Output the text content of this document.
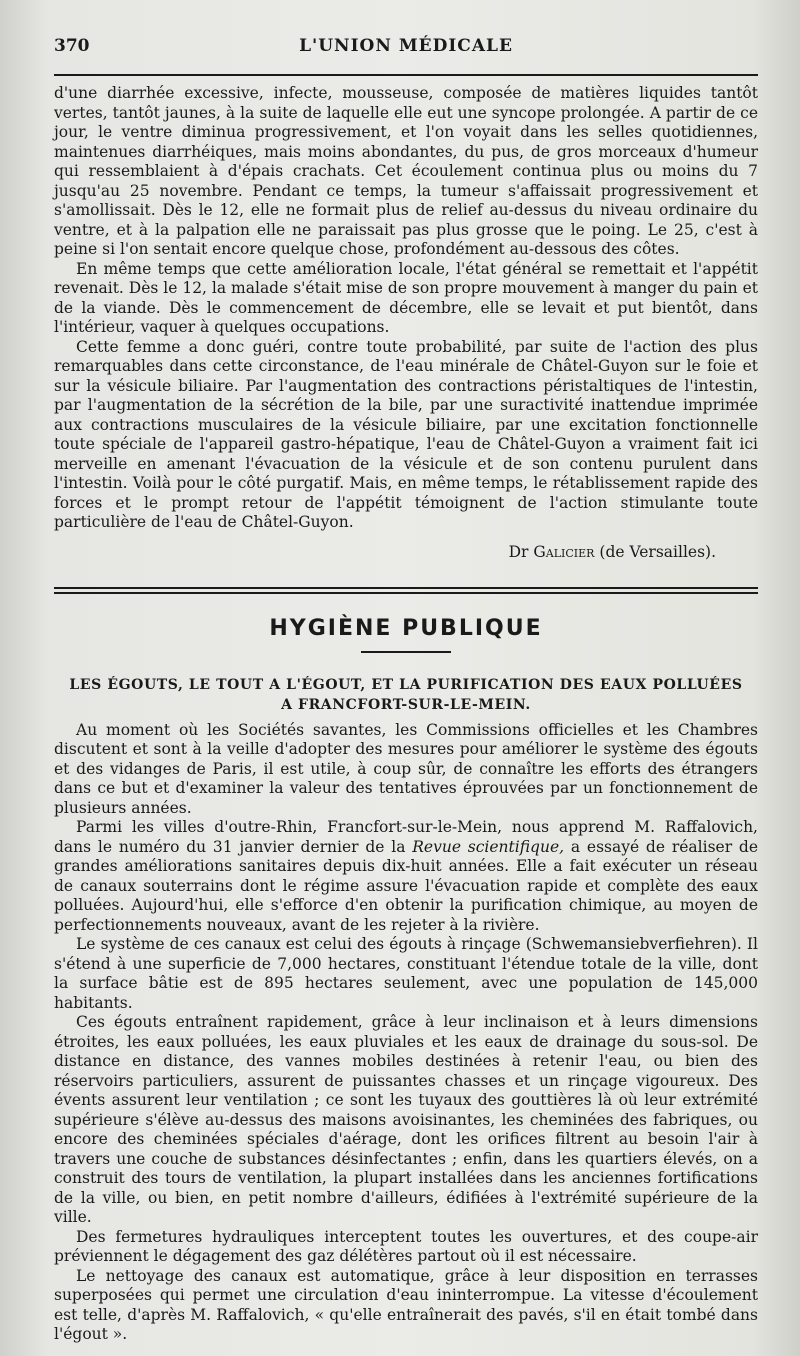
370	L'UNION MÉDICALE

d'une diarrhée excessive, infecte, mousseuse, composée de matières liquides tantôt vertes, tantôt jaunes, à la suite de laquelle elle eut une syncope prolongée. A partir de ce jour, le ventre diminua progressivement, et l'on voyait dans les selles quotidiennes, maintenues diarrhéiques, mais moins abondantes, du pus, de gros morceaux d'humeur qui ressemblaient à d'épais crachats. Cet écoulement continua plus ou moins du 7 jusqu'au 25 novembre. Pendant ce temps, la tumeur s'affaissait progressivement et s'amollissait. Dès le 12, elle ne formait plus de relief au-dessus du niveau ordinaire du ventre, et à la palpation elle ne paraissait pas plus grosse que le poing. Le 25, c'est à peine si l'on sentait encore quelque chose, profondément au-dessous des côtes.

En même temps que cette amélioration locale, l'état général se remettait et l'appétit revenait. Dès le 12, la malade s'était mise de son propre mouvement à manger du pain et de la viande. Dès le commencement de décembre, elle se levait et put bientôt, dans l'intérieur, vaquer à quelques occupations.

Cette femme a donc guéri, contre toute probabilité, par suite de l'action des plus remarquables dans cette circonstance, de l'eau minérale de Châtel-Guyon sur le foie et sur la vésicule biliaire. Par l'augmentation des contractions péristaltiques de l'intestin, par l'augmentation de la sécrétion de la bile, par une suractivité inattendue imprimée aux contractions musculaires de la vésicule biliaire, par une excitation fonctionnelle toute spéciale de l'appareil gastro-hépatique, l'eau de Châtel-Guyon a vraiment fait ici merveille en amenant l'évacuation de la vésicule et de son contenu purulent dans l'intestin. Voilà pour le côté purgatif. Mais, en même temps, le rétablissement rapide des forces et le prompt retour de l'appétit témoignent de l'action stimulante toute particulière de l'eau de Châtel-Guyon.

Dr Galicier (de Versailles).
HYGIÈNE PUBLIQUE
LES ÉGOUTS, LE TOUT A L'ÉGOUT, ET LA PURIFICATION DES EAUX POLLUÉES
A FRANCFORT-SUR-LE-MEIN.

Au moment où les Sociétés savantes, les Commissions officielles et les Chambres discutent et sont à la veille d'adopter des mesures pour améliorer le système des égouts et des vidanges de Paris, il est utile, à coup sûr, de connaître les efforts des étrangers dans ce but et d'examiner la valeur des tentatives éprouvées par un fonctionnement de plusieurs années.

Parmi les villes d'outre-Rhin, Francfort-sur-le-Mein, nous apprend M. Raffalovich, dans le numéro du 31 janvier dernier de la Revue scientifique, a essayé de réaliser de grandes améliorations sanitaires depuis dix-huit années. Elle a fait exécuter un réseau de canaux souterrains dont le régime assure l'évacuation rapide et complète des eaux polluées. Aujourd'hui, elle s'efforce d'en obtenir la purification chimique, au moyen de perfectionnements nouveaux, avant de les rejeter à la rivière.

Le système de ces canaux est celui des égouts à rinçage (Schwemansiebverfiehren). Il s'étend à une superficie de 7,000 hectares, constituant l'étendue totale de la ville, dont la surface bâtie est de 895 hectares seulement, avec une population de 145,000 habitants.

Ces égouts entraînent rapidement, grâce à leur inclinaison et à leurs dimensions étroites, les eaux polluées, les eaux pluviales et les eaux de drainage du sous-sol. De distance en distance, des vannes mobiles destinées à retenir l'eau, ou bien des réservoirs particuliers, assurent de puissantes chasses et un rinçage vigoureux. Des évents assurent leur ventilation ; ce sont les tuyaux des gouttières là où leur extrémité supérieure s'élève au-dessus des maisons avoisinantes, les cheminées des fabriques, ou encore des cheminées spéciales d'aérage, dont les orifices filtrent au besoin l'air à travers une couche de substances désinfectantes ; enfin, dans les quartiers élevés, on a construit des tours de ventilation, la plupart installées dans les anciennes fortifications de la ville, ou bien, en petit nombre d'ailleurs, édifiées à l'extrémité supérieure de la ville.

Des fermetures hydrauliques interceptent toutes les ouvertures, et des coupe-air préviennent le dégagement des gaz délétères partout où il est nécessaire.

Le nettoyage des canaux est automatique, grâce à leur disposition en terrasses superposées qui permet une circulation d'eau ininterrompue. La vitesse d'écoulement est telle, d'après M. Raffalovich, « qu'elle entraînerait des pavés, s'il en était tombé dans l'égout ».
